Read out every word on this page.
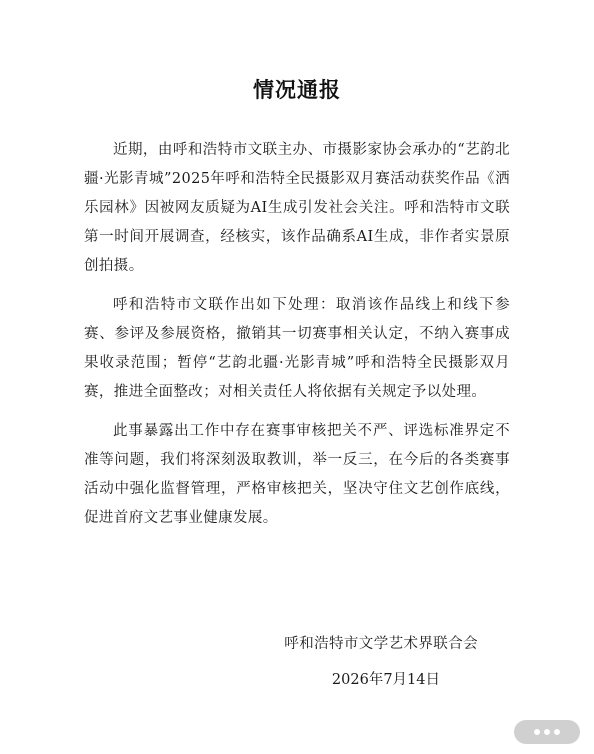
情况通报

近期，由呼和浩特市文联主办、市摄影家协会承办的“艺韵北疆·光影青城”2025年呼和浩特全民摄影双月赛活动获奖作品《洒乐园林》因被网友质疑为AI生成引发社会关注。呼和浩特市文联第一时间开展调查，经核实，该作品确系AI生成，非作者实景原创拍摄。

呼和浩特市文联作出如下处理：取消该作品线上和线下参赛、参评及参展资格，撤销其一切赛事相关认定，不纳入赛事成果收录范围；暂停“艺韵北疆·光影青城”呼和浩特全民摄影双月赛，推进全面整改；对相关责任人将依据有关规定予以处理。

此事暴露出工作中存在赛事审核把关不严、评选标准界定不准等问题，我们将深刻汲取教训，举一反三，在今后的各类赛事活动中强化监督管理，严格审核把关，坚决守住文艺创作底线，促进首府文艺事业健康发展。

呼和浩特市文学艺术界联合会
2026年7月14日
